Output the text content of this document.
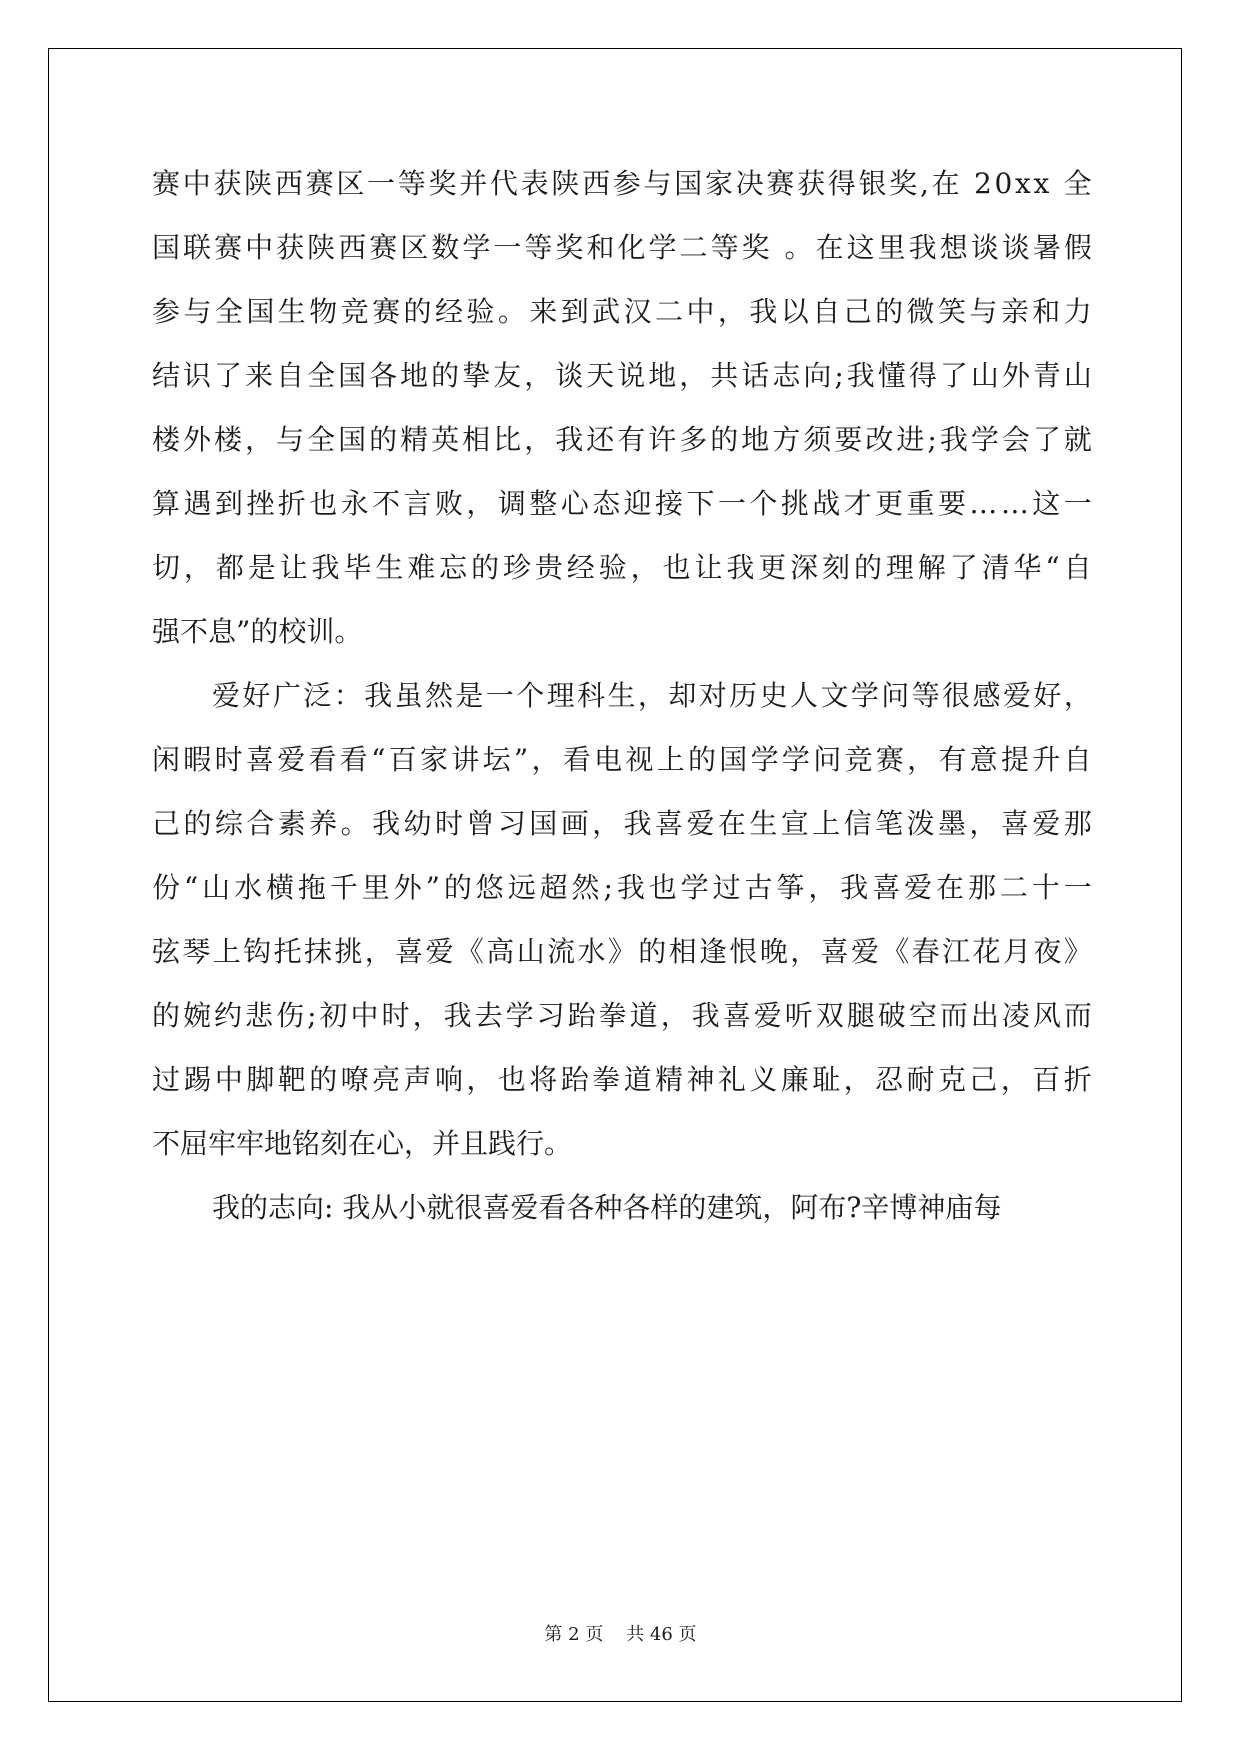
赛中获陕西赛区一等奖并代表陕西参与国家决赛获得银奖,在 20xx 全
国联赛中获陕西赛区数学一等奖和化学二等奖 。在这里我想谈谈暑假
参与全国生物竞赛的经验。来到武汉二中，我以自己的微笑与亲和力
结识了来自全国各地的挚友，谈天说地，共话志向;我懂得了山外青山
楼外楼，与全国的精英相比，我还有许多的地方须要改进;我学会了就
算遇到挫折也永不言败，调整心态迎接下一个挑战才更重要……这一
切，都是让我毕生难忘的珍贵经验，也让我更深刻的理解了清华“自
强不息”的校训。
爱好广泛：我虽然是一个理科生，却对历史人文学问等很感爱好，
闲暇时喜爱看看“百家讲坛”，看电视上的国学学问竞赛，有意提升自
己的综合素养。我幼时曾习国画，我喜爱在生宣上信笔泼墨，喜爱那
份“山水横拖千里外”的悠远超然;我也学过古筝，我喜爱在那二十一
弦琴上钩托抹挑，喜爱《高山流水》的相逢恨晚，喜爱《春江花月夜》
的婉约悲伤;初中时，我去学习跆拳道，我喜爱听双腿破空而出凌风而
过踢中脚靶的嘹亮声响，也将跆拳道精神礼义廉耻，忍耐克己，百折
不屈牢牢地铭刻在心，并且践行。
我的志向: 我从小就很喜爱看各种各样的建筑，阿布?辛博神庙每
第 2 页    共 46 页
